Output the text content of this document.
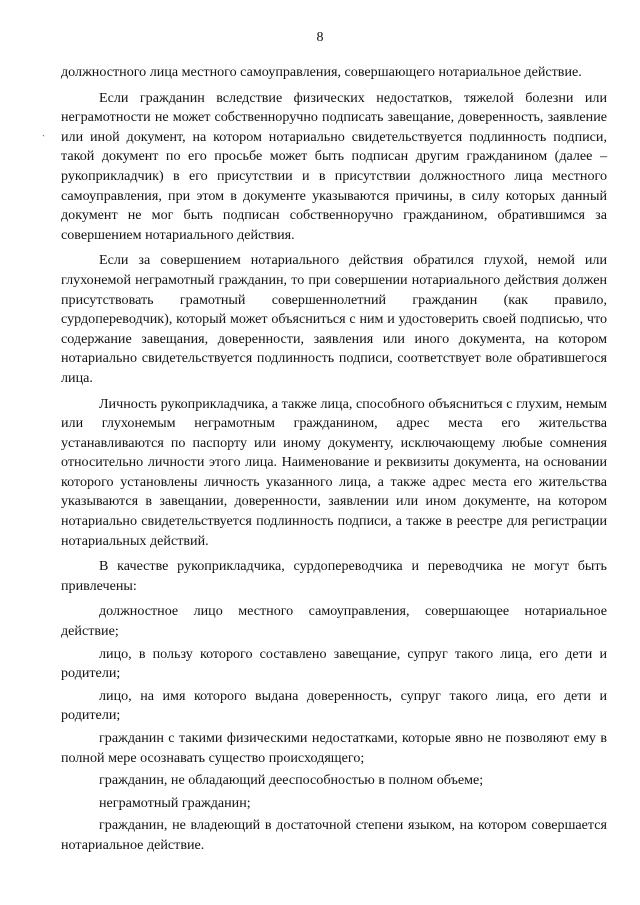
8
ˏ

должностного лица местного самоуправления, совершающего нотариальное действие.

Если гражданин вследствие физических недостатков, тяжелой болезни или неграмотности не может собственноручно подписать завещание, доверенность, заявление или иной документ, на котором нотариально свидетельствуется подлинность подписи, такой документ по его просьбе может быть подписан другим гражданином (далее – рукоприкладчик) в его присутствии и в присутствии должностного лица местного самоуправления, при этом в документе указываются причины, в силу которых данный документ не мог быть подписан собственноручно гражданином, обратившимся за совершением нотариального действия.

Если за совершением нотариального действия обратился глухой, немой или глухонемой неграмотный гражданин, то при совершении нотариального действия должен присутствовать грамотный совершеннолетний гражданин (как правило, сурдопереводчик), который может объясниться с ним и удостоверить своей подписью, что содержание завещания, доверенности, заявления или иного документа, на котором нотариально свидетельствуется подлинность подписи, соответствует воле обратившегося лица.

Личность рукоприкладчика, а также лица, способного объясниться с глухим, немым или глухонемым неграмотным гражданином, адрес места его жительства устанавливаются по паспорту или иному документу, исключающему любые сомнения относительно личности этого лица. Наименование и реквизиты документа, на основании которого установлены личность указанного лица, а также адрес места его жительства указываются в завещании, доверенности, заявлении или ином документе, на котором нотариально свидетельствуется подлинность подписи, а также в реестре для регистрации нотариальных действий.

В качестве рукоприкладчика, сурдопереводчика и переводчика не могут быть привлечены:

должностное лицо местного самоуправления, совершающее нотариальное действие;

лицо, в пользу которого составлено завещание, супруг такого лица, его дети и родители;

лицо, на имя которого выдана доверенность, супруг такого лица, его дети и родители;

гражданин с такими физическими недостатками, которые явно не позволяют ему в полной мере осознавать существо происходящего;

гражданин, не обладающий дееспособностью в полном объеме;

неграмотный гражданин;

гражданин, не владеющий в достаточной степени языком, на котором совершается нотариальное действие.
